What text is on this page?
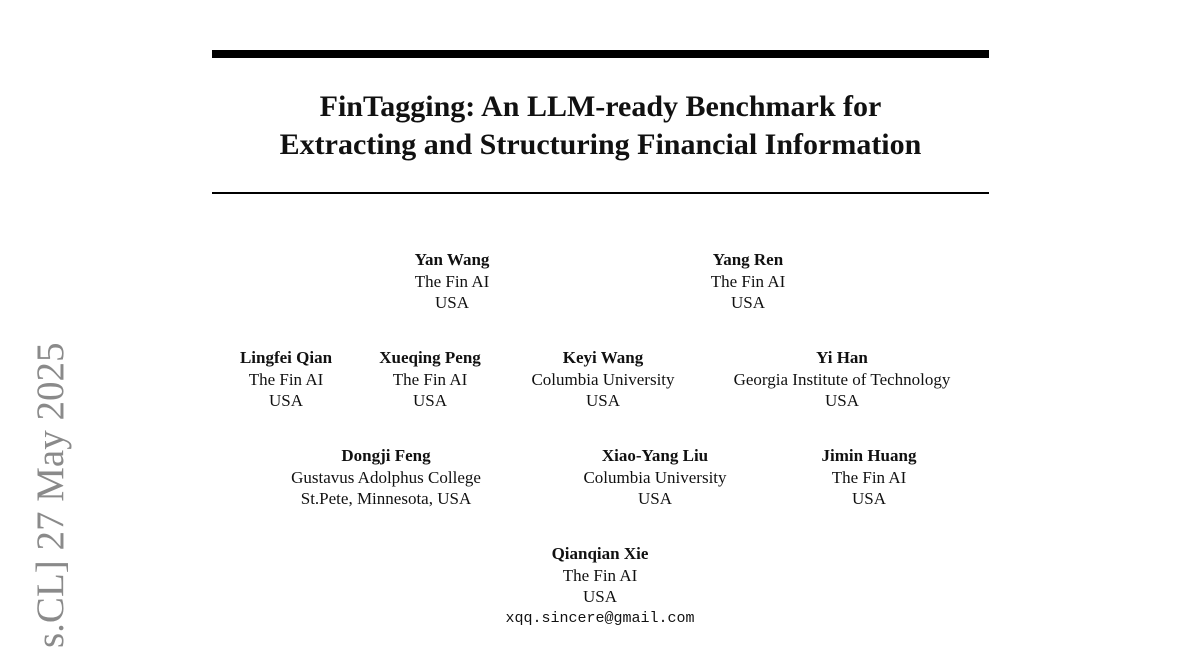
s.CL] 27 May 2025
FinTagging: An LLM-ready Benchmark for
Extracting and Structuring Financial Information
Yan Wang
The Fin AI
USA
Yang Ren
The Fin AI
USA
Lingfei Qian
The Fin AI
USA
Xueqing Peng
The Fin AI
USA
Keyi Wang
Columbia University
USA
Yi Han
Georgia Institute of Technology
USA
Dongji Feng
Gustavus Adolphus College
St.Pete, Minnesota, USA
Xiao-Yang Liu
Columbia University
USA
Jimin Huang
The Fin AI
USA
Qianqian Xie
The Fin AI
USA
xqq.sincere@gmail.com
